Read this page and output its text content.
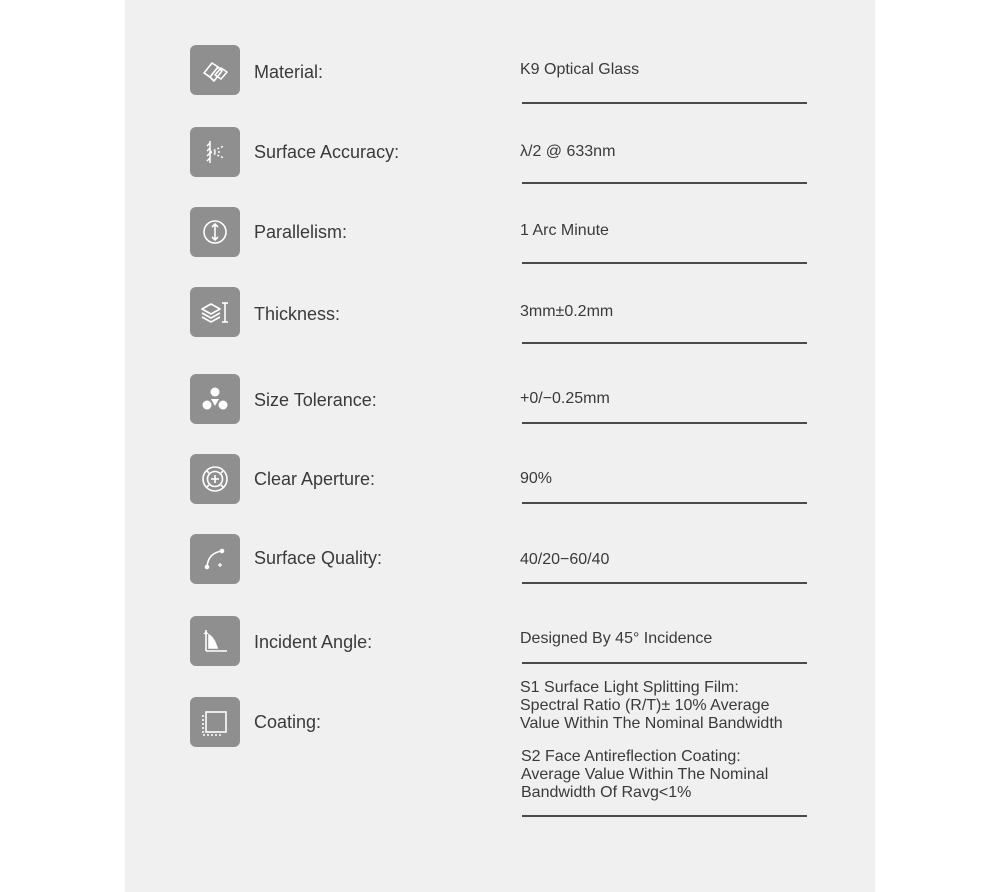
Material:	K9 Optical Glass
Surface Accuracy:	λ/2 @ 633nm
Parallelism:	1 Arc Minute
Thickness:	3mm±0.2mm
Size Tolerance:	+0/−0.25mm
Clear Aperture:	90%
Surface Quality:	40/20−60/40
Incident Angle:	Designed By 45° Incidence
Coating:
S1 Surface Light Splitting Film:
Spectral Ratio (R/T)± 10% Average
Value Within The Nominal Bandwidth
S2 Face Antireflection Coating:
Average Value Within The Nominal
Bandwidth Of Ravg<1%
